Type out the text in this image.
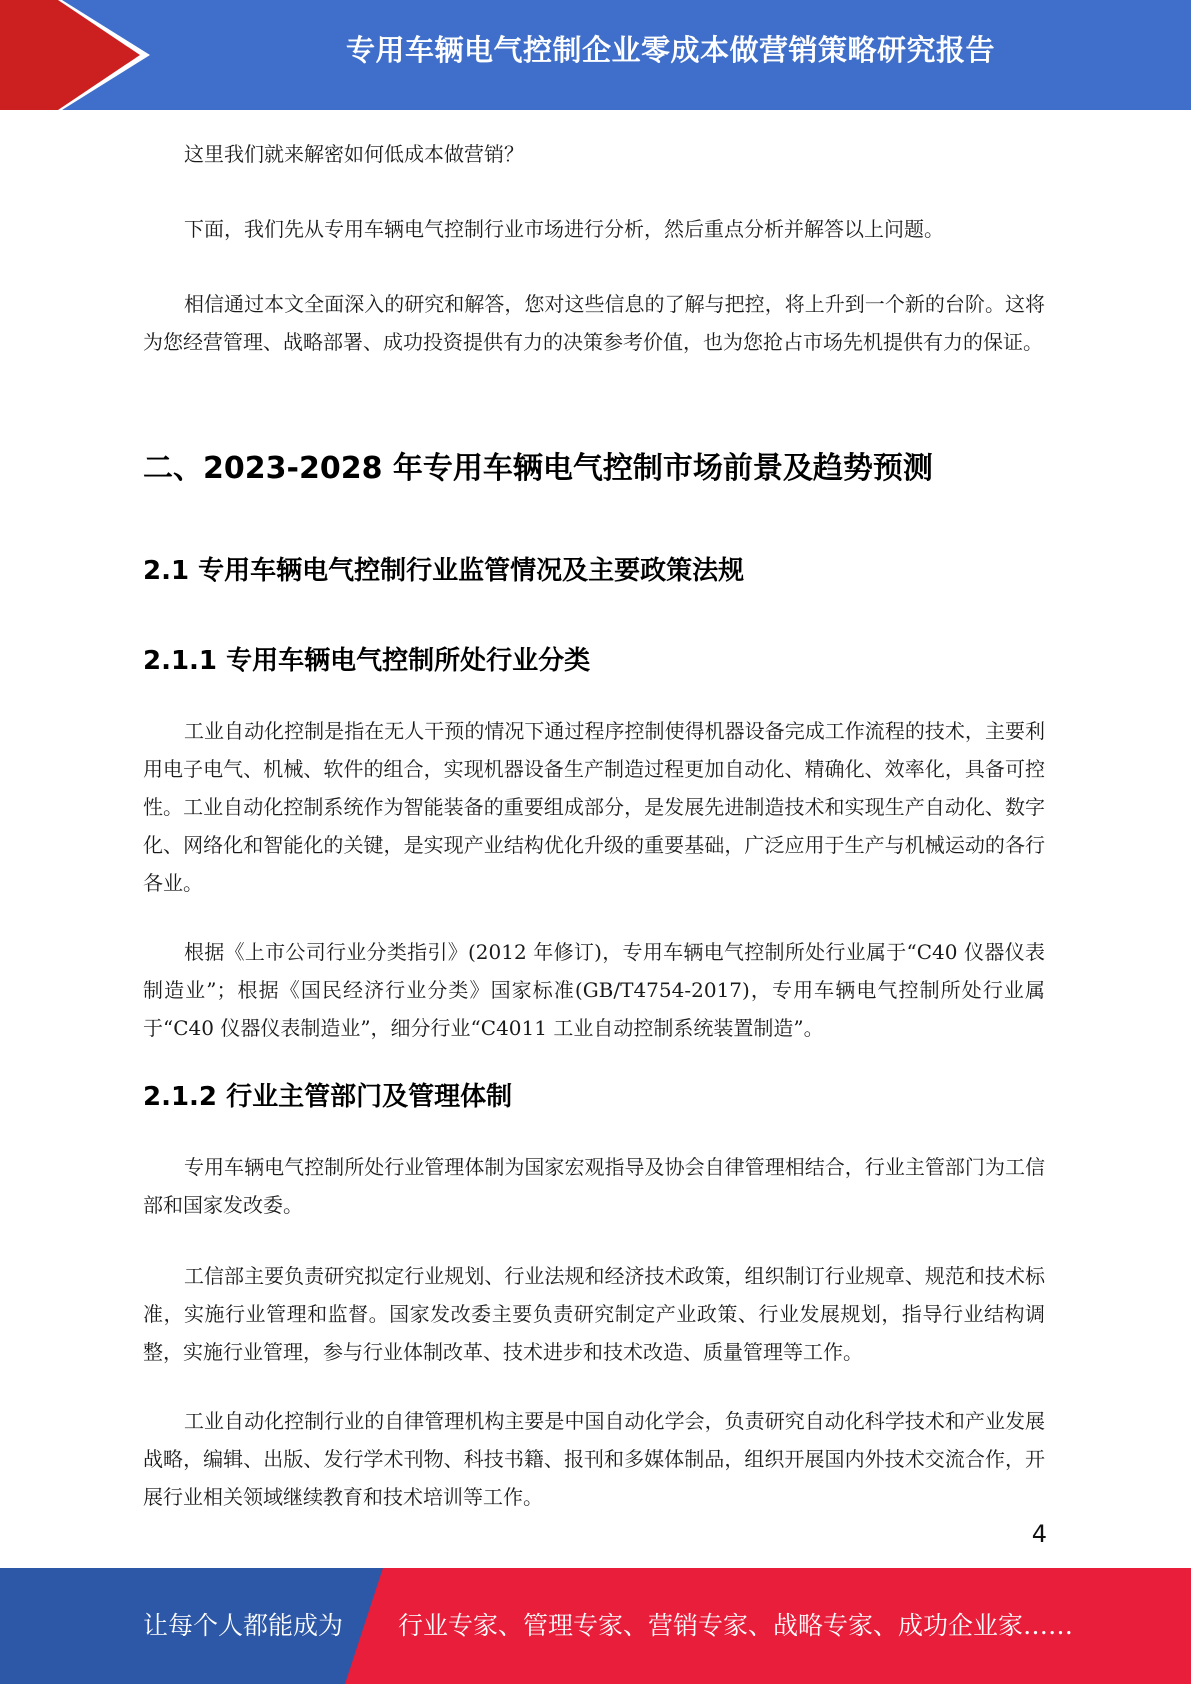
专用车辆电气控制企业零成本做营销策略研究报告

这里我们就来解密如何低成本做营销？

下面，我们先从专用车辆电气控制行业市场进行分析，然后重点分析并解答以上问题。

相信通过本文全面深入的研究和解答，您对这些信息的了解与把控，将上升到一个新的台阶。这将为您经营管理、战略部署、成功投资提供有力的决策参考价值，也为您抢占市场先机提供有力的保证。

二、2023-2028 年专用车辆电气控制市场前景及趋势预测
2.1 专用车辆电气控制行业监管情况及主要政策法规
2.1.1 专用车辆电气控制所处行业分类

工业自动化控制是指在无人干预的情况下通过程序控制使得机器设备完成工作流程的技术，主要利用电子电气、机械、软件的组合，实现机器设备生产制造过程更加自动化、精确化、效率化，具备可控性。工业自动化控制系统作为智能装备的重要组成部分，是发展先进制造技术和实现生产自动化、数字化、网络化和智能化的关键，是实现产业结构优化升级的重要基础，广泛应用于生产与机械运动的各行各业。

根据《上市公司行业分类指引》(2012 年修订)，专用车辆电气控制所处行业属于“C40 仪器仪表制造业”；根据《国民经济行业分类》国家标准(GB/T4754-2017)，专用车辆电气控制所处行业属于“C40 仪器仪表制造业”，细分行业“C4011 工业自动控制系统装置制造”。

2.1.2 行业主管部门及管理体制

专用车辆电气控制所处行业管理体制为国家宏观指导及协会自律管理相结合，行业主管部门为工信部和国家发改委。

工信部主要负责研究拟定行业规划、行业法规和经济技术政策，组织制订行业规章、规范和技术标准，实施行业管理和监督。国家发改委主要负责研究制定产业政策、行业发展规划，指导行业结构调整，实施行业管理，参与行业体制改革、技术进步和技术改造、质量管理等工作。

工业自动化控制行业的自律管理机构主要是中国自动化学会，负责研究自动化科学技术和产业发展战略，编辑、出版、发行学术刊物、科技书籍、报刊和多媒体制品，组织开展国内外技术交流合作，开展行业相关领域继续教育和技术培训等工作。

4
让每个人都能成为 行业专家、管理专家、营销专家、战略专家、成功企业家……
